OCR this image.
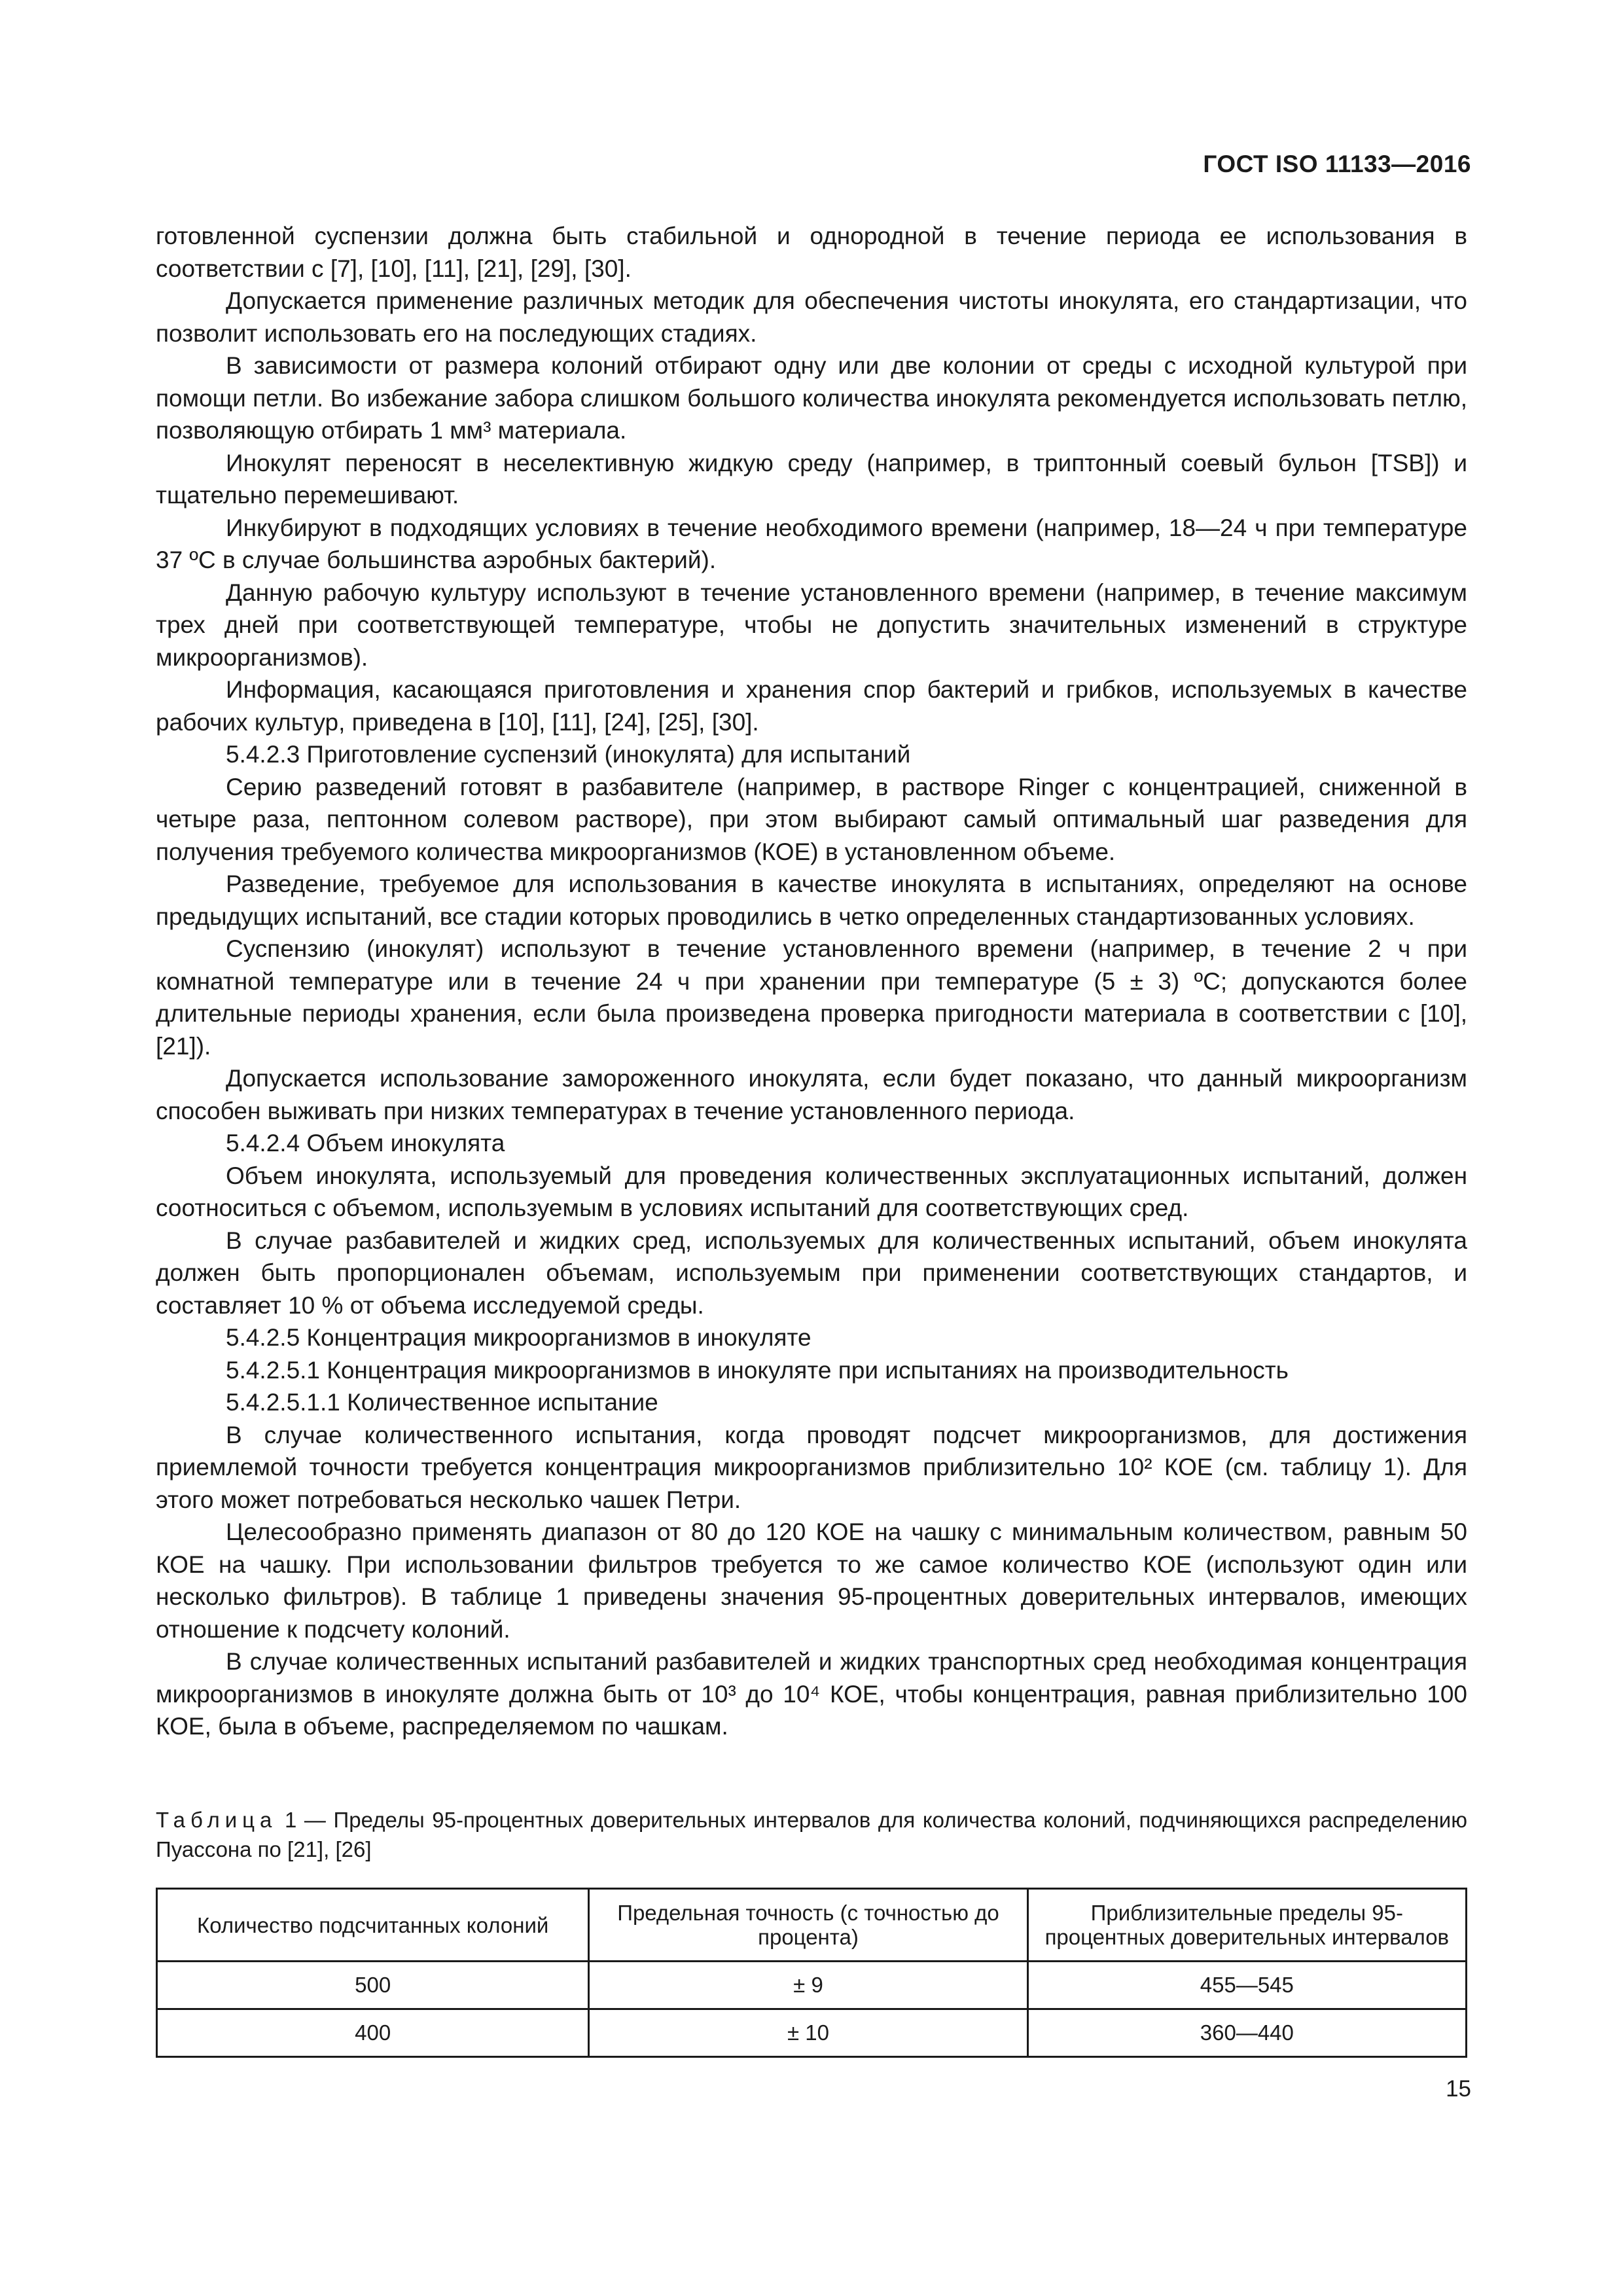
ГОСТ ISO 11133—2016

готовленной суспензии должна быть стабильной и однородной в течение периода ее использования в соответствии с [7], [10], [11], [21], [29], [30].

Допускается применение различных методик для обеспечения чистоты инокулята, его стандартизации, что позволит использовать его на последующих стадиях.

В зависимости от размера колоний отбирают одну или две колонии от среды с исходной культурой при помощи петли. Во избежание забора слишком большого количества инокулята рекомендуется использовать петлю, позволяющую отбирать 1 мм³ материала.

Инокулят переносят в неселективную жидкую среду (например, в триптонный соевый бульон [TSB]) и тщательно перемешивают.

Инкубируют в подходящих условиях в течение необходимого времени (например, 18—24 ч при температуре 37 ºС в случае большинства аэробных бактерий).

Данную рабочую культуру используют в течение установленного времени (например, в течение максимум трех дней при соответствующей температуре, чтобы не допустить значительных изменений в структуре микроорганизмов).

Информация, касающаяся приготовления и хранения спор бактерий и грибков, используемых в качестве рабочих культур, приведена в [10], [11], [24], [25], [30].

5.4.2.3 Приготовление суспензий (инокулята) для испытаний

Серию разведений готовят в разбавителе (например, в растворе Ringer с концентрацией, сниженной в четыре раза, пептонном солевом растворе), при этом выбирают самый оптимальный шаг разведения для получения требуемого количества микроорганизмов (КОЕ) в установленном объеме.

Разведение, требуемое для использования в качестве инокулята в испытаниях, определяют на основе предыдущих испытаний, все стадии которых проводились в четко определенных стандартизованных условиях.

Суспензию (инокулят) используют в течение установленного времени (например, в течение 2 ч при комнатной температуре или в течение 24 ч при хранении при температуре (5 ± 3) ºС; допускаются более длительные периоды хранения, если была произведена проверка пригодности материала в соответствии с [10], [21]).

Допускается использование замороженного инокулята, если будет показано, что данный микроорганизм способен выживать при низких температурах в течение установленного периода.

5.4.2.4 Объем инокулята

Объем инокулята, используемый для проведения количественных эксплуатационных испытаний, должен соотноситься с объемом, используемым в условиях испытаний для соответствующих сред.

В случае разбавителей и жидких сред, используемых для количественных испытаний, объем инокулята должен быть пропорционален объемам, используемым при применении соответствующих стандартов, и составляет 10 % от объема исследуемой среды.

5.4.2.5 Концентрация микроорганизмов в инокуляте

5.4.2.5.1 Концентрация микроорганизмов в инокуляте при испытаниях на производительность

5.4.2.5.1.1 Количественное испытание

В случае количественного испытания, когда проводят подсчет микроорганизмов, для достижения приемлемой точности требуется концентрация микроорганизмов приблизительно 10² КОЕ (см. таблицу 1). Для этого может потребоваться несколько чашек Петри.

Целесообразно применять диапазон от 80 до 120 КОЕ на чашку с минимальным количеством, равным 50 КОЕ на чашку. При использовании фильтров требуется то же самое количество КОЕ (используют один или несколько фильтров). В таблице 1 приведены значения 95-процентных доверительных интервалов, имеющих отношение к подсчету колоний.

В случае количественных испытаний разбавителей и жидких транспортных сред необходимая концентрация микроорганизмов в инокуляте должна быть от 10³ до 10⁴ КОЕ, чтобы концентрация, равная приблизительно 100 КОЕ, была в объеме, распределяемом по чашкам.

Таблица 1 — Пределы 95-процентных доверительных интервалов для количества колоний, подчиняющихся распределению Пуассона по [21], [26]
Количество подсчитанных колоний	Предельная точность (с точностью до процента)	Приблизительные пределы 95-процентных доверительных интервалов
500	± 9	455—545
400	± 10	360—440
15
